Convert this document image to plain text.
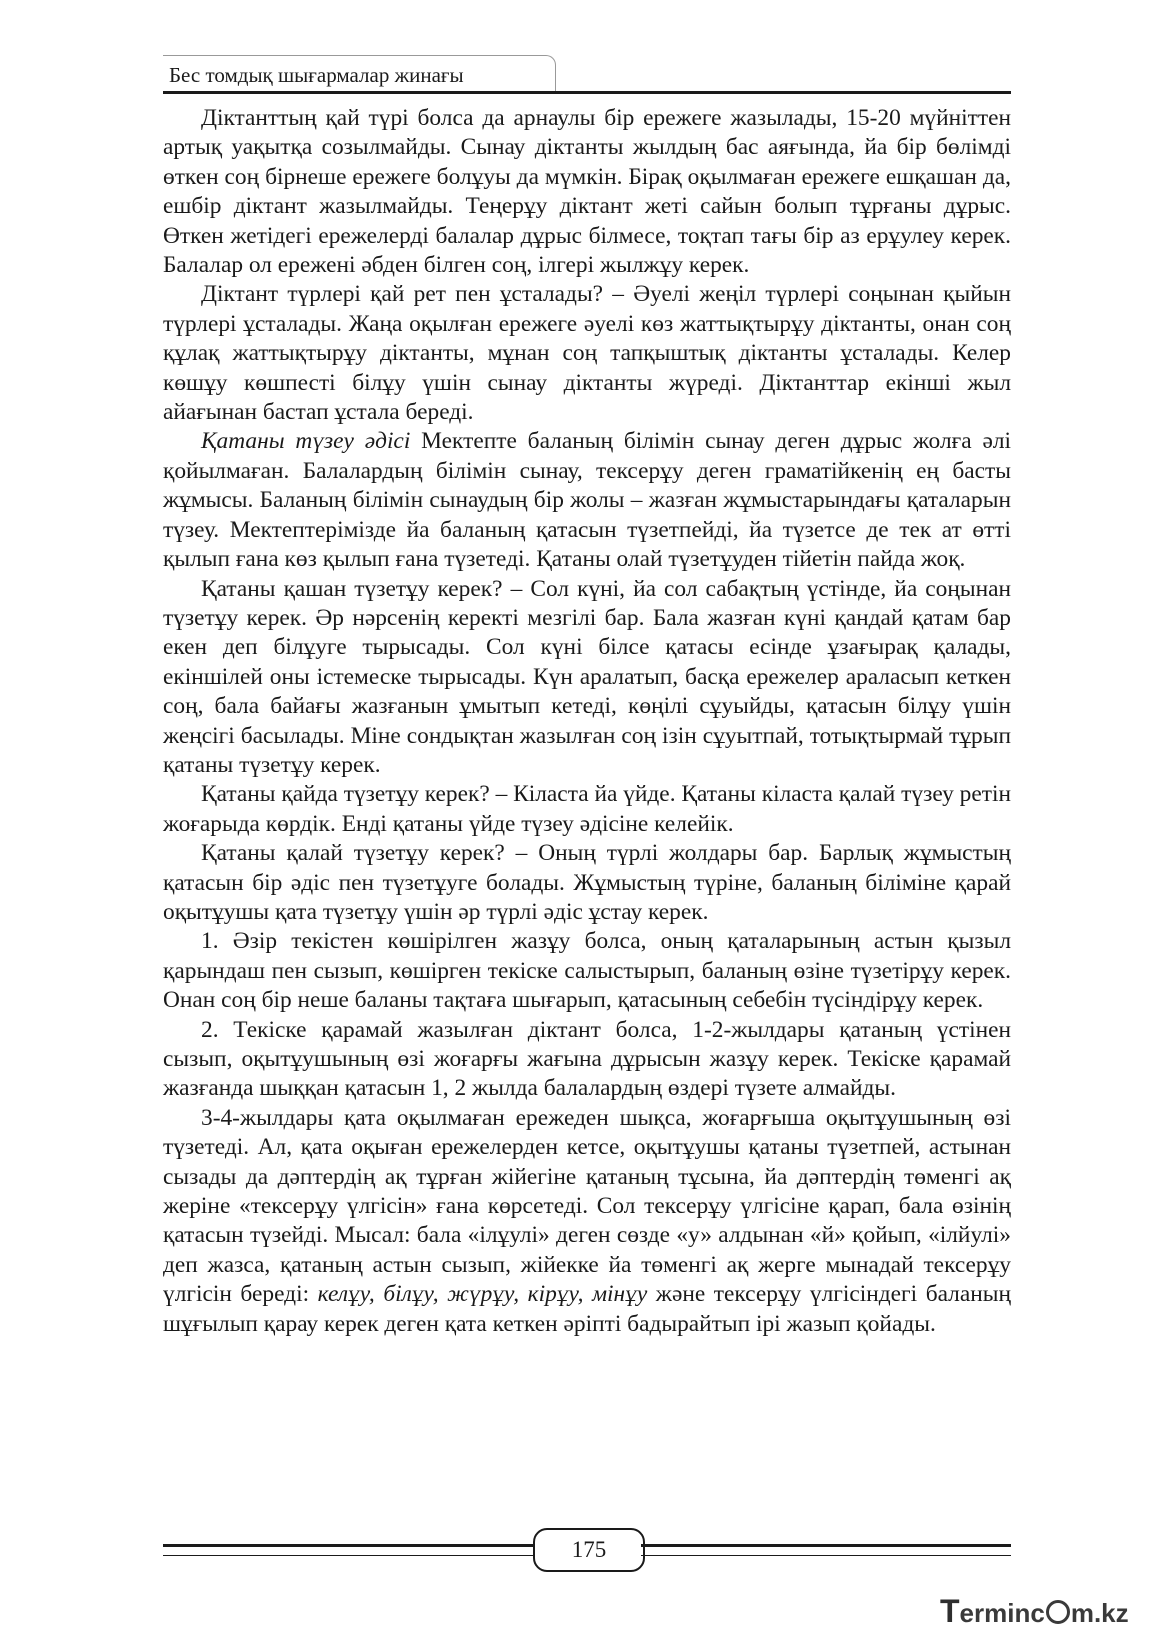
Бес томдық шығармалар жинағы

Діктанттың қай түрі болса да арнаулы бір ережеге жазылады, 15-20 мүйніттен артық уақытқа созылмайды. Сынау діктанты жылдың бас аяғында, йа бір бөлімді өткен соң бірнеше ережеге болұуы да мүмкін. Бірақ оқылмаған ережеге ешқашан да, ешбір діктант жазылмайды. Теңерұу діктант жеті сайын болып тұрғаны дұрыс. Өткен жетідегі ережелерді балалар дұрыс білмесе, тоқтап тағы бір аз ерұулеу керек. Балалар ол ережені әбден білген соң, ілгері жылжұу керек.

Діктант түрлері қай рет пен ұсталады? – Әуелі жеңіл түрлері соңынан қыйын түрлері ұсталады. Жаңа оқылған ережеге әуелі көз жаттықтырұу діктанты, онан соң құлақ жаттықтырұу діктанты, мұнан соң тапқыштық діктанты ұсталады. Келер көшұу көшпесті білұу үшін сынау діктанты жүреді. Діктанттар екінші жыл айағынан бастап ұстала береді.

Қатаны түзеу әдісі Мектепте баланың білімін сынау деген дұрыс жолға әлі қойылмаған. Балалардың білімін сынау, тексерұу деген граматійкенің ең басты жұмысы. Баланың білімін сынаудың бір жолы – жазған жұмыстарындағы қаталарын түзеу. Мектептерімізде йа баланың қатасын түзетпейді, йа түзетсе де тек ат өтті қылып ғана көз қылып ғана түзетеді. Қатаны олай түзетұуден тійетін пайда жоқ.

Қатаны қашан түзетұу керек? – Сол күні, йа сол сабақтың үстінде, йа соңынан түзетұу керек. Әр нәрсенің керекті мезгілі бар. Бала жазған күні қандай қатам бар екен деп білұуге тырысады. Сол күні білсе қатасы есінде ұзағырақ қалады, екіншілей оны істемеске тырысады. Күн аралатып, басқа ережелер араласып кеткен соң, бала байағы жазғанын ұмытып кетеді, көңілі сұуыйды, қатасын білұу үшін жеңсігі басылады. Міне сондықтан жазылған соң ізін сұуытпай, тотықтырмай тұрып қатаны түзетұу керек.

Қатаны қайда түзетұу керек? – Кіласта йа үйде. Қатаны кіласта қалай түзеу ретін жоғарыда көрдік. Енді қатаны үйде түзеу әдісіне келейік.

Қатаны қалай түзетұу керек? – Оның түрлі жолдары бар. Барлық жұмыстың қатасын бір әдіс пен түзетұуге болады. Жұмыстың түріне, баланың біліміне қарай оқытұушы қата түзетұу үшін әр түрлі әдіс ұстау керек.

1. Әзір текістен көшірілген жазұу болса, оның қаталарының астын қызыл қарындаш пен сызып, көшірген текіске салыстырып, баланың өзіне түзетірұу керек. Онан соң бір неше баланы тақтаға шығарып, қатасының себебін түсіндірұу керек.

2. Текіске қарамай жазылған діктант болса, 1-2-жылдары қатаның үстінен сызып, оқытұушының өзі жоғарғы жағына дұрысын жазұу керек. Текіске қарамай жазғанда шыққан қатасын 1, 2 жылда балалардың өздері түзете алмайды.

3-4-жылдары қата оқылмаған ережеден шықса, жоғарғыша оқытұушының өзі түзетеді. Ал, қата оқыған ережелерден кетсе, оқытұушы қатаны түзетпей, астынан сызады да дәптердің ақ тұрған жійегіне қатаның тұсына, йа дәптердің төменгі ақ жеріне «тексерұу үлгісін» ғана көрсетеді. Сол тексерұу үлгісіне қарап, бала өзінің қатасын түзейді. Мысал: бала «ілұулі» деген сөзде «у» алдынан «й» қойып, «ілйулі» деп жазса, қатаның астын сызып, жійекке йа төменгі ақ жерге мынадай тексерұу үлгісін береді: келұу, білұу, жүрұу, кірұу, мінұу және тексерұу үлгісіндегі баланың шұғылып қарау керек деген қата кеткен әріпті бадырайтып ірі жазып қойады.

175
Terminc m.kz
